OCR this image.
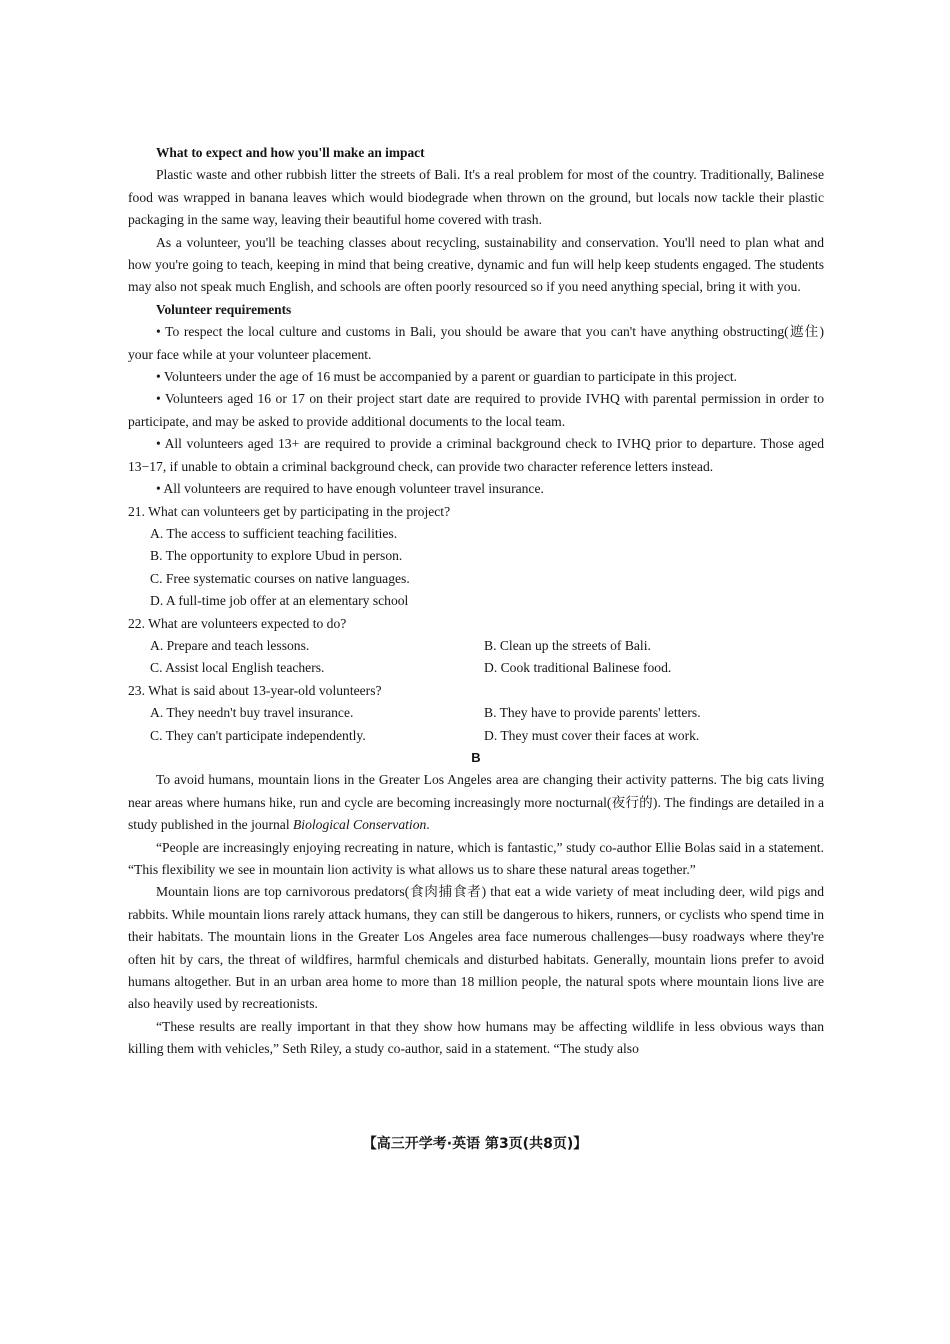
What to expect and how you'll make an impact

Plastic waste and other rubbish litter the streets of Bali. It's a real problem for most of the country. Traditionally, Balinese food was wrapped in banana leaves which would biodegrade when thrown on the ground, but locals now tackle their plastic packaging in the same way, leaving their beautiful home covered with trash.

As a volunteer, you'll be teaching classes about recycling, sustainability and conservation. You'll need to plan what and how you're going to teach, keeping in mind that being creative, dynamic and fun will help keep students engaged. The students may also not speak much English, and schools are often poorly resourced so if you need anything special, bring it with you.

Volunteer requirements

• To respect the local culture and customs in Bali, you should be aware that you can't have anything obstructing(遮住) your face while at your volunteer placement.

• Volunteers under the age of 16 must be accompanied by a parent or guardian to participate in this project.

• Volunteers aged 16 or 17 on their project start date are required to provide IVHQ with parental permission in order to participate, and may be asked to provide additional documents to the local team.

• All volunteers aged 13+ are required to provide a criminal background check to IVHQ prior to departure. Those aged 13−17, if unable to obtain a criminal background check, can provide two character reference letters instead.

• All volunteers are required to have enough volunteer travel insurance.

21. What can volunteers get by participating in the project?

A. The access to sufficient teaching facilities.

B. The opportunity to explore Ubud in person.

C. Free systematic courses on native languages.

D. A full-time job offer at an elementary school

22. What are volunteers expected to do?

A. Prepare and teach lessons.	B. Clean up the streets of Bali.
C. Assist local English teachers.	D. Cook traditional Balinese food.

23. What is said about 13-year-old volunteers?

A. They needn't buy travel insurance.	B. They have to provide parents' letters.
C. They can't participate independently.	D. They must cover their faces at work.

B

To avoid humans, mountain lions in the Greater Los Angeles area are changing their activity patterns. The big cats living near areas where humans hike, run and cycle are becoming increasingly more nocturnal(夜行的). The findings are detailed in a study published in the journal Biological Conservation.

“People are increasingly enjoying recreating in nature, which is fantastic,” study co-author Ellie Bolas said in a statement. “This flexibility we see in mountain lion activity is what allows us to share these natural areas together.”

Mountain lions are top carnivorous predators(食肉捕食者) that eat a wide variety of meat including deer, wild pigs and rabbits. While mountain lions rarely attack humans, they can still be dangerous to hikers, runners, or cyclists who spend time in their habitats. The mountain lions in the Greater Los Angeles area face numerous challenges—busy roadways where they're often hit by cars, the threat of wildfires, harmful chemicals and disturbed habitats. Generally, mountain lions prefer to avoid humans altogether. But in an urban area home to more than 18 million people, the natural spots where mountain lions live are also heavily used by recreationists.

“These results are really important in that they show how humans may be affecting wildlife in less obvious ways than killing them with vehicles,” Seth Riley, a study co-author, said in a statement. “The study also

【高三开学考·英语 第3页(共8页)】
